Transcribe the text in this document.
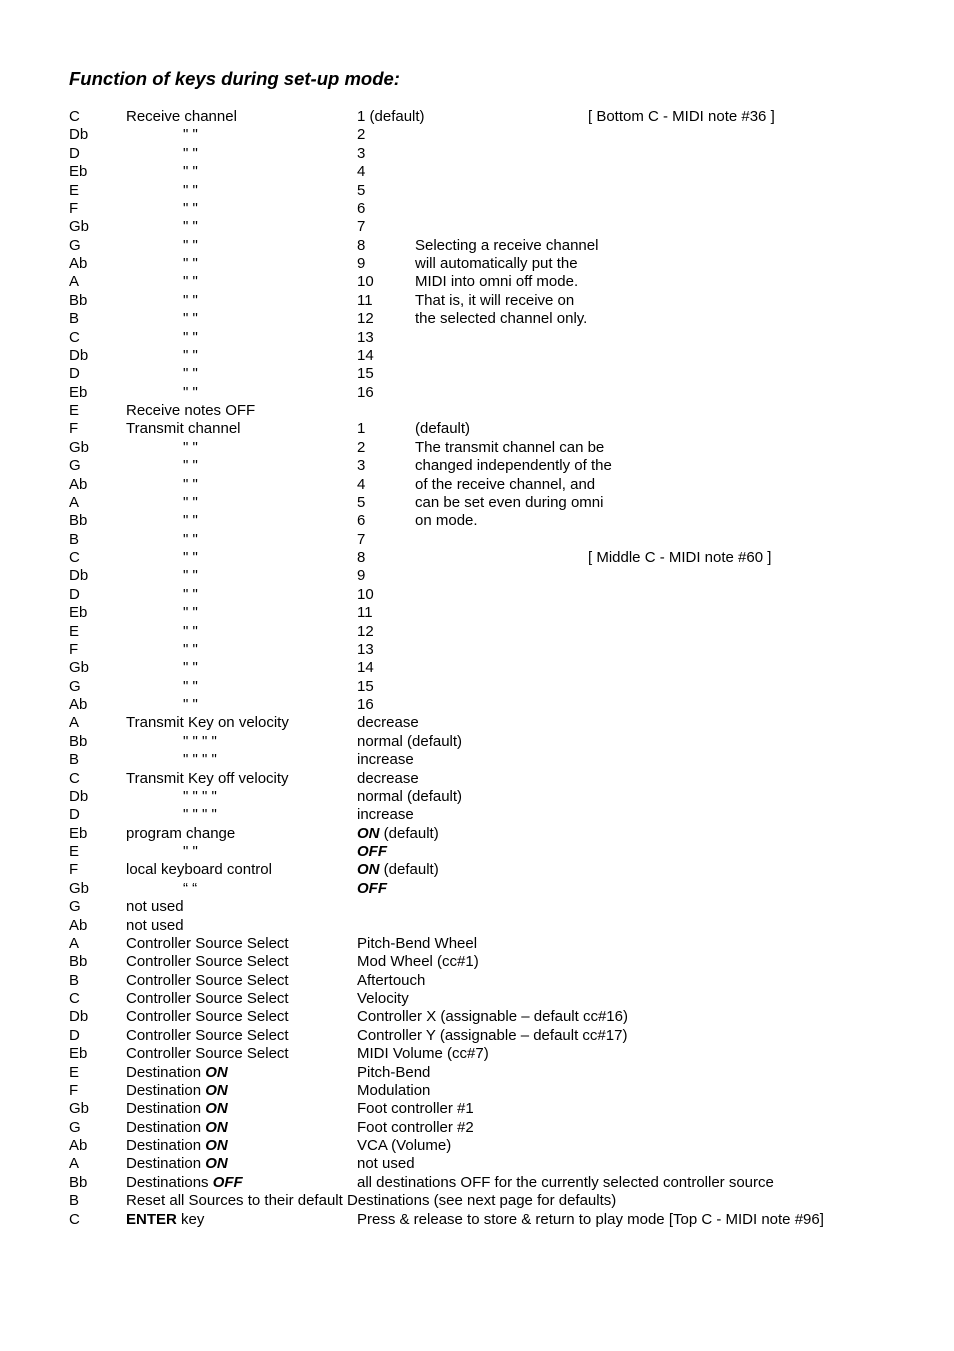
Function of keys during set-up mode:
C	Receive channel	1 (default)	[ Bottom C - MIDI note #36 ]
Db	" "	2
D	" "	3
Eb	" "	4
E	" "	5
F	" "	6
Gb	" "	7
G	" "	8	Selecting a receive channel
Ab	" "	9	will automatically put the
A	" "	10	MIDI into omni off mode.
Bb	" "	11	That is, it will receive on
B	" "	12	the selected channel only.
C	" "	13
Db	" "	14
D	" "	15
Eb	" "	16
E	Receive notes OFF
F	Transmit channel	1	(default)
Gb	" "	2	The transmit channel can be
G	" "	3	changed independently of the
Ab	" "	4	of the receive channel, and
A	" "	5	can be set even during omni
Bb	" "	6	on mode.
B	" "	7
C	" "	8	[ Middle C - MIDI note #60 ]
Db	" "	9
D	" "	10
Eb	" "	11
E	" "	12
F	" "	13
Gb	" "	14
G	" "	15
Ab	" "	16
A	Transmit Key on velocity	decrease
Bb	" " " "	normal (default)
B	" " " "	increase
C	Transmit Key off velocity	decrease
Db	" " " "	normal (default)
D	" " " "	increase
Eb	program change	ON (default)
E	" "	OFF
F	local keyboard control	ON (default)
Gb	“ “	OFF
G	not used
Ab	not used
A	Controller Source Select	Pitch-Bend Wheel
Bb	Controller Source Select	Mod Wheel (cc#1)
B	Controller Source Select	Aftertouch
C	Controller Source Select	Velocity
Db	Controller Source Select	Controller X (assignable – default cc#16)
D	Controller Source Select	Controller Y (assignable – default cc#17)
Eb	Controller Source Select	MIDI Volume (cc#7)
E	Destination ON	Pitch-Bend
F	Destination ON	Modulation
Gb Destination ON	Foot controller #1
G	Destination ON	Foot controller #2
Ab	Destination ON	VCA (Volume)
A	Destination ON	not used
Bb	Destinations OFF	all destinations OFF for the currently selected controller source
B	Reset all Sources to their default Destinations (see next page for defaults)
C	ENTER key	Press & release to store & return to play mode [Top C - MIDI note #96]
